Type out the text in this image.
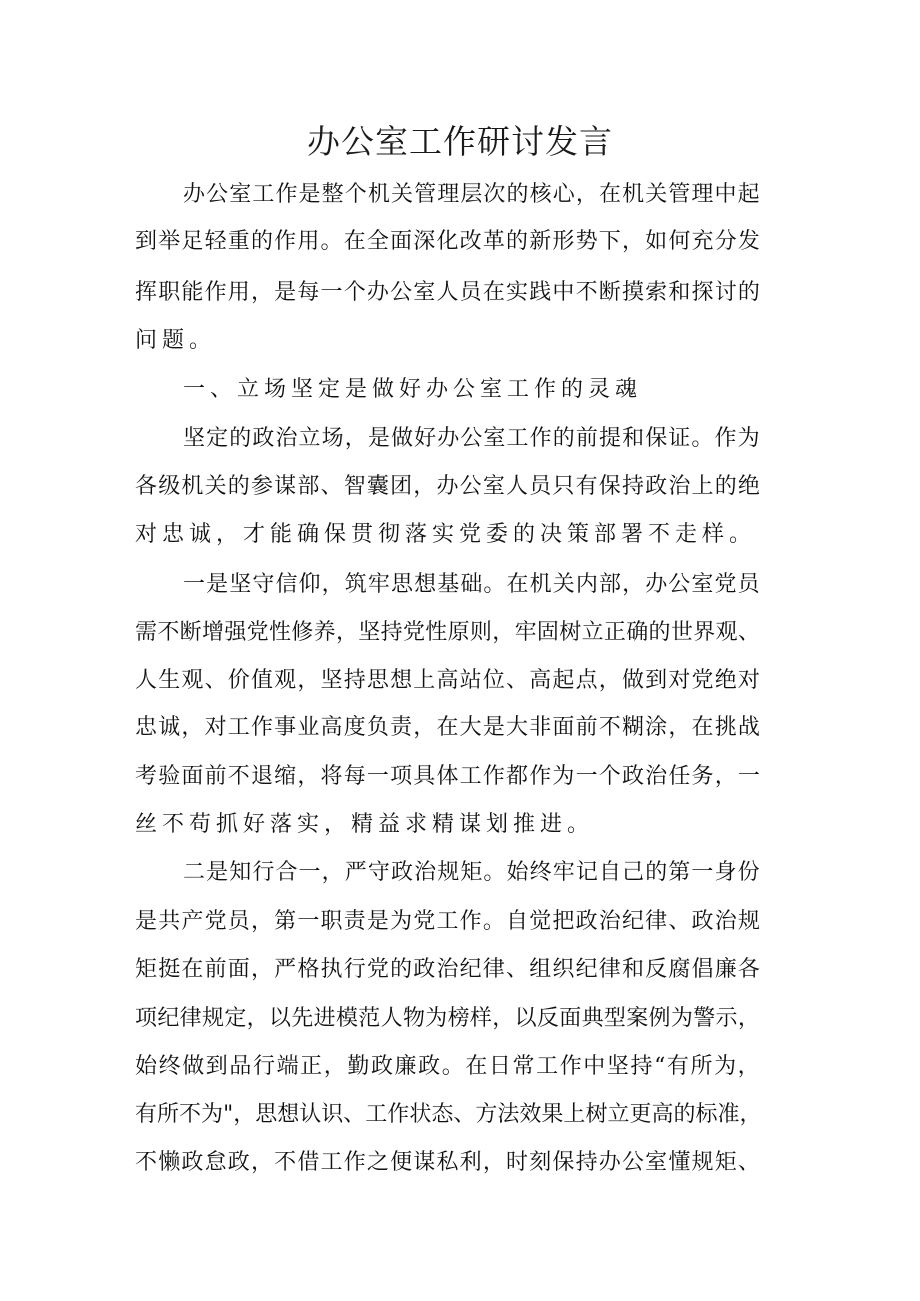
办公室工作研讨发言
办 公 室 工 作 是 整 个 机 关 管 理 层 次 的 核 心 ， 在 机 关 管 理 中 起
到 举 足 轻 重 的 作 用 。 在 全 面 深 化 改 革 的 新 形 势 下 ， 如 何 充 分 发
挥 职 能 作 用 ， 是 每 一 个 办 公 室 人 员 在 实 践 中 不 断 摸 索 和 探 讨 的
问题。
一、立场坚定是做好办公室工作的灵魂
坚 定 的 政 治 立 场 ， 是 做 好 办 公 室 工 作 的 前 提 和 保 证 。 作 为
各 级 机 关 的 参 谋 部 、 智 囊 团 ， 办 公 室 人 员 只 有 保 持 政 治 上 的 绝
对忠诚，才能确保贯彻落实党委的决策部署不走样。
一 是 坚 守 信 仰 ， 筑 牢 思 想 基 础 。 在 机 关 内 部 ， 办 公 室 党 员
需 不 断 增 强 党 性 修 养 ， 坚 持 党 性 原 则 ， 牢 固 树 立 正 确 的 世 界 观 、
人 生 观 、 价 值 观 ， 坚 持 思 想 上 高 站 位 、 高 起 点 ， 做 到 对 党 绝 对
忠 诚 ， 对 工 作 事 业 高 度 负 责 ， 在 大 是 大 非 面 前 不 糊 涂 ， 在 挑 战
考 验 面 前 不 退 缩 ， 将 每 一 项 具 体 工 作 都 作 为 一 个 政 治 任 务 ， 一
丝不苟抓好落实，精益求精谋划推进。
二 是 知 行 合 一 ， 严 守 政 治 规 矩 。 始 终 牢 记 自 己 的 第 一 身 份
是 共 产 党 员 ， 第 一 职 责 是 为 党 工 作 。 自 觉 把 政 治 纪 律 、 政 治 规
矩 挺 在 前 面 ， 严 格 执 行 党 的 政 治 纪 律 、 组 织 纪 律 和 反 腐 倡 廉 各
项 纪 律 规 定 ， 以 先 进 模 范 人 物 为 榜 样 ， 以 反 面 典 型 案 例 为 警 示 ，
始 终 做 到 品 行 端 正 ， 勤 政 廉 政 。 在 日 常 工 作 中 坚 持 “ 有 所 为 ，
有 所 不 为 " ， 思 想 认 识 、 工 作 状 态 、 方 法 效 果 上 树 立 更 高 的 标 准 ，
不 懒 政 怠 政 ， 不 借 工 作 之 便 谋 私 利 ， 时 刻 保 持 办 公 室 懂 规 矩 、
